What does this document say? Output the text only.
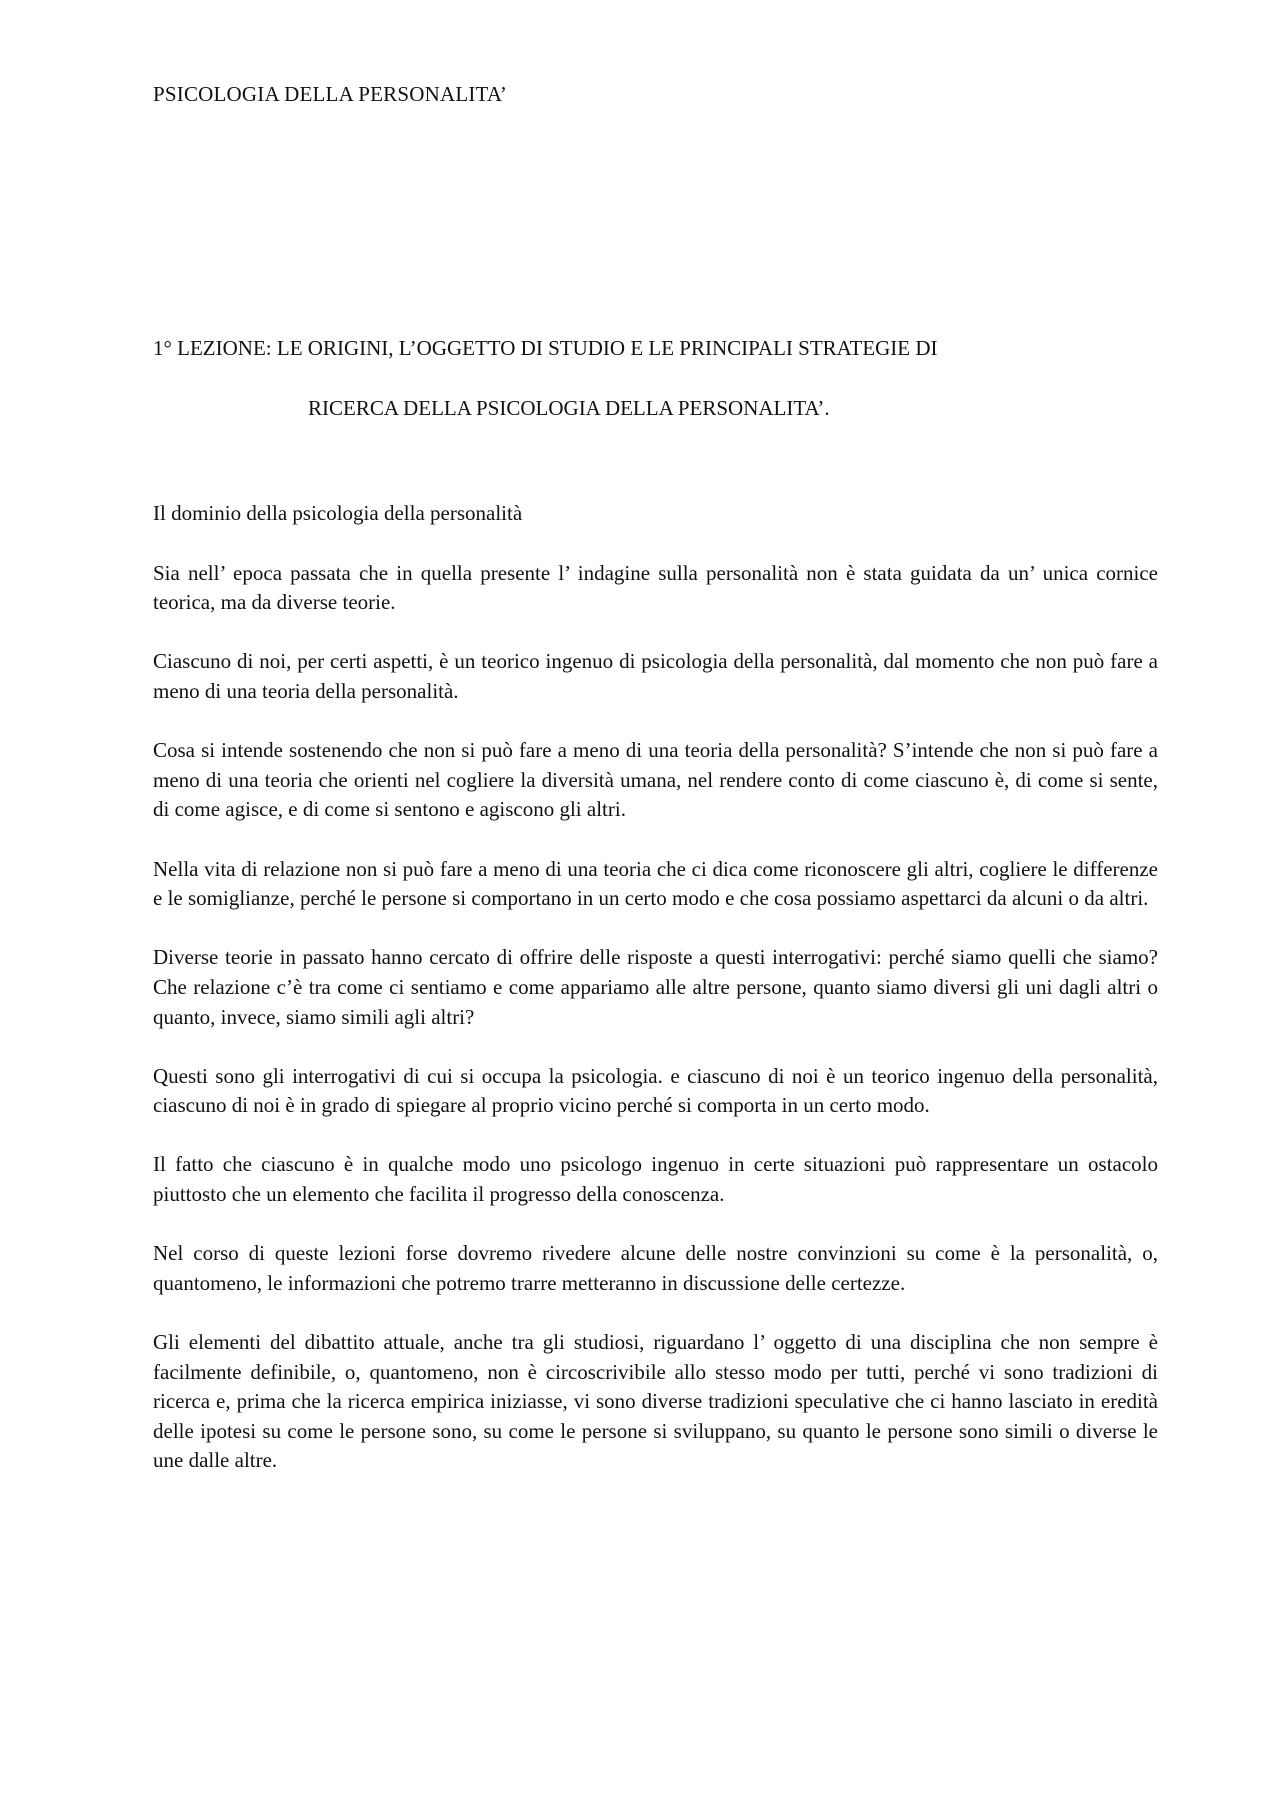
PSICOLOGIA DELLA PERSONALITA’
1° LEZIONE: LE ORIGINI, L’OGGETTO DI STUDIO E LE PRINCIPALI STRATEGIE DI
RICERCA DELLA PSICOLOGIA DELLA PERSONALITA’.

Il dominio della psicologia della personalità

Sia nell’ epoca passata che in quella presente l’ indagine sulla personalità non è stata guidata da un’ unica cornice teorica, ma da diverse teorie.

Ciascuno di noi, per certi aspetti, è un teorico ingenuo di psicologia della personalità, dal momento che non può fare a meno di una teoria della personalità.

Cosa si intende sostenendo che non si può fare a meno di una teoria della personalità? S’intende che non si può fare a meno di una teoria che orienti nel cogliere la diversità umana, nel rendere conto di come ciascuno è, di come si sente, di come agisce, e di come si sentono e agiscono gli altri.

Nella vita di relazione non si può fare a meno di una teoria che ci dica come riconoscere gli altri, cogliere le differenze e le somiglianze, perché le persone si comportano in un certo modo e che cosa possiamo aspettarci da alcuni o da altri.

Diverse teorie in passato hanno cercato di offrire delle risposte a questi interrogativi: perché siamo quelli che siamo? Che relazione c’è tra come ci sentiamo e come appariamo alle altre persone, quanto siamo diversi gli uni dagli altri o quanto, invece, siamo simili agli altri?

Questi sono gli interrogativi di cui si occupa la psicologia. e ciascuno di noi è un teorico ingenuo della personalità, ciascuno di noi è in grado di spiegare al proprio vicino perché si comporta in un certo modo.

Il fatto che ciascuno è in qualche modo uno psicologo ingenuo in certe situazioni può rappresentare un ostacolo piuttosto che un elemento che facilita il progresso della conoscenza.

Nel corso di queste lezioni forse dovremo rivedere alcune delle nostre convinzioni su come è la personalità, o, quantomeno, le informazioni che potremo trarre metteranno in discussione delle certezze.

Gli elementi del dibattito attuale, anche tra gli studiosi, riguardano l’ oggetto di una disciplina che non sempre è facilmente definibile, o, quantomeno, non è circoscrivibile allo stesso modo per tutti, perché vi sono tradizioni di ricerca e, prima che la ricerca empirica iniziasse, vi sono diverse tradizioni speculative che ci hanno lasciato in eredità delle ipotesi su come le persone sono, su come le persone si sviluppano, su quanto le persone sono simili o diverse le une dalle altre.
